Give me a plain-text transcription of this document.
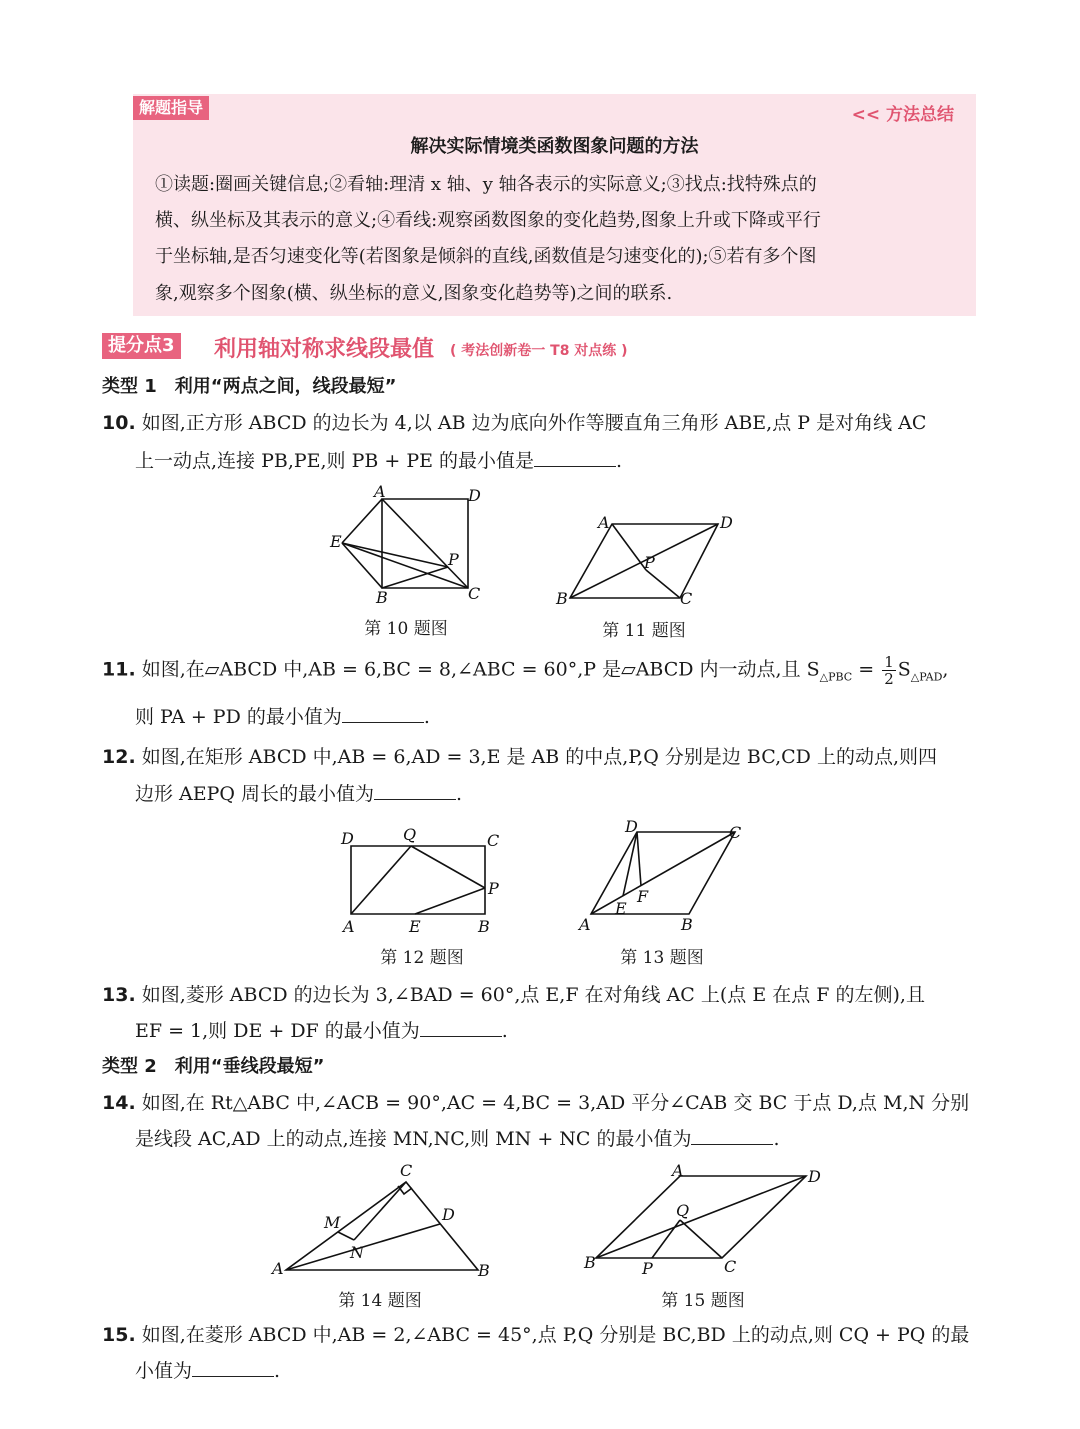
解题指导	<< 方法总结
解决实际情境类函数图象问题的方法
①读题:圈画关键信息;②看轴:理清 x 轴、y 轴各表示的实际意义;③找点:找特殊点的
横、纵坐标及其表示的意义;④看线:观察函数图象的变化趋势,图象上升或下降或平行
于坐标轴,是否匀速变化等(若图象是倾斜的直线,函数值是匀速变化的);⑤若有多个图
象,观察多个图象(横、纵坐标的意义,图象变化趋势等)之间的联系.
提分点3 利用轴对称求线段最值 ( 考法创新卷一 T8 对点练 )
类型 1　利用“两点之间，线段最短”
10. 如图,正方形 ABCD 的边长为 4,以 AB 边为底向外作等腰直角三角形 ABE,点 P 是对角线 AC
上一动点,连接 PB,PE,则 PB + PE 的最小值是	.
A	D
E
P
B	C
第 10 题图
A	D
P
B	C
第 11 题图
11. 如图,在▱ABCD 中,AB = 6,BC = 8,∠ABC = 60°,P 是▱ABCD 内一动点,且 $S_{\triangle PBC} = \frac{1}{2} S_{\triangle PAD}$,
则 PA + PD 的最小值为	.
12. 如图,在矩形 ABCD 中,AB = 6,AD = 3,E 是 AB 的中点,P,Q 分别是边 BC,CD 上的动点,则四
边形 AEPQ 周长的最小值为	.
D	Q	C
P
A	E	B
第 12 题图
D	C
F
E
A	B
第 13 题图
13. 如图,菱形 ABCD 的边长为 3,∠BAD = 60°,点 E,F 在对角线 AC 上(点 E 在点 F 的左侧),且
EF = 1,则 DE + DF 的最小值为	.
类型 2　利用“垂线段最短”
14. 如图,在 Rt△ABC 中,∠ACB = 90°,AC = 4,BC = 3,AD 平分∠CAB 交 BC 于点 D,点 M,N 分别
是线段 AC,AD 上的动点,连接 MN,NC,则 MN + NC 的最小值为	.
C
M	D
N
A	B
第 14 题图
A	D
Q
B	P	C
第 15 题图
15. 如图,在菱形 ABCD 中,AB = 2,∠ABC = 45°,点 P,Q 分别是 BC,BD 上的动点,则 CQ + PQ 的最
小值为	.
